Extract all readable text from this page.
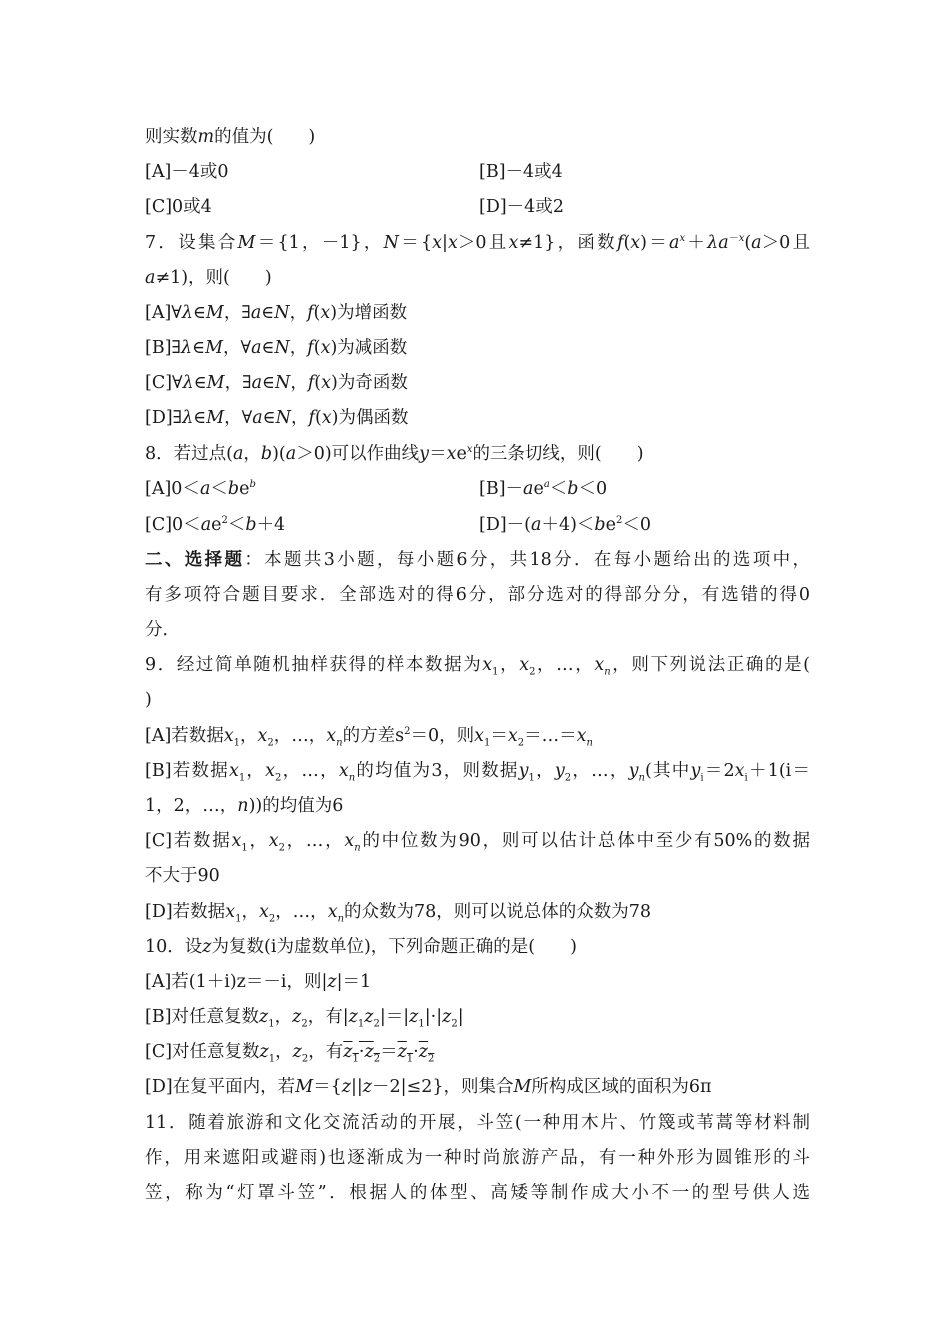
则实数m的值为(　　)
[A]－4或0	[B]－4或4
[C]0或4	[D]－4或2
7．设集合M＝{1，－1}，N＝{x|x＞0且x≠1}，函数$f(x)=a^x+\lambda a^{-x}(a>0$且
a≠1)，则(　　)
[A]∀λ∈M，∃a∈N，f(x)为增函数
[B]∃λ∈M，∀a∈N，f(x)为减函数
[C]∀λ∈M，∃a∈N，f(x)为奇函数
[D]∃λ∈M，∀a∈N，f(x)为偶函数
8．若过点(a，b)(a＞0)可以作曲线$y=xe^x$的三条切线，则(　　)
$[A]0<a<be^b$	$[B]-ae^a<b<0$
$[C]0<ae^2<b+4$	$[D]-(a+4)<be^2<0$
二、选择题：本题共3小题，每小题6分，共18分．在每小题给出的选项中，
有多项符合题目要求．全部选对的得6分，部分选对的得部分分，有选错的得0
分．
9．经过简单随机抽样获得的样本数据为$x_1$，$x_2$，…，$x_n$，则下列说法正确的是(
)
[A]若数据$x_1$，$x_2$，…，$x_n$的方差$s^2=0$，则$x_1=x_2=\dots=x_n$
[B]若数据$x_1$，$x_2$，…，$x_n$的均值为3，则数据$y_1$，$y_2$，…，$y_n$(其中$y_i=2x_i+1(i=$
1，2，…，n))的均值为6
[C]若数据$x_1$，$x_2$，…，$x_n$的中位数为90，则可以估计总体中至少有50%的数据
不大于90
[D]若数据$x_1$，$x_2$，…，$x_n$的众数为78，则可以说总体的众数为78
10．设z为复数(i为虚数单位)，下列命题正确的是(　　)
[A]若(1＋i)z＝－i，则|z|＝1
[B]对任意复数$z_1$，$z_2$，有$|z_1z_2|=|z_1|\cdot|z_2|$
[C]对任意复数$z_1$，$z_2$，有$z_1\cdot z_2=z_1\cdot z_2$
[D]在复平面内，若M＝{z||z－2|≤2}，则集合M所构成区域的面积为6π
11．随着旅游和文化交流活动的开展，斗笠(一种用木片、竹篾或苇蒿等材料制
作，用来遮阳或避雨)也逐渐成为一种时尚旅游产品，有一种外形为圆锥形的斗
笠，称为“灯罩斗笠”．根据人的体型、高矮等制作成大小不一的型号供人选
